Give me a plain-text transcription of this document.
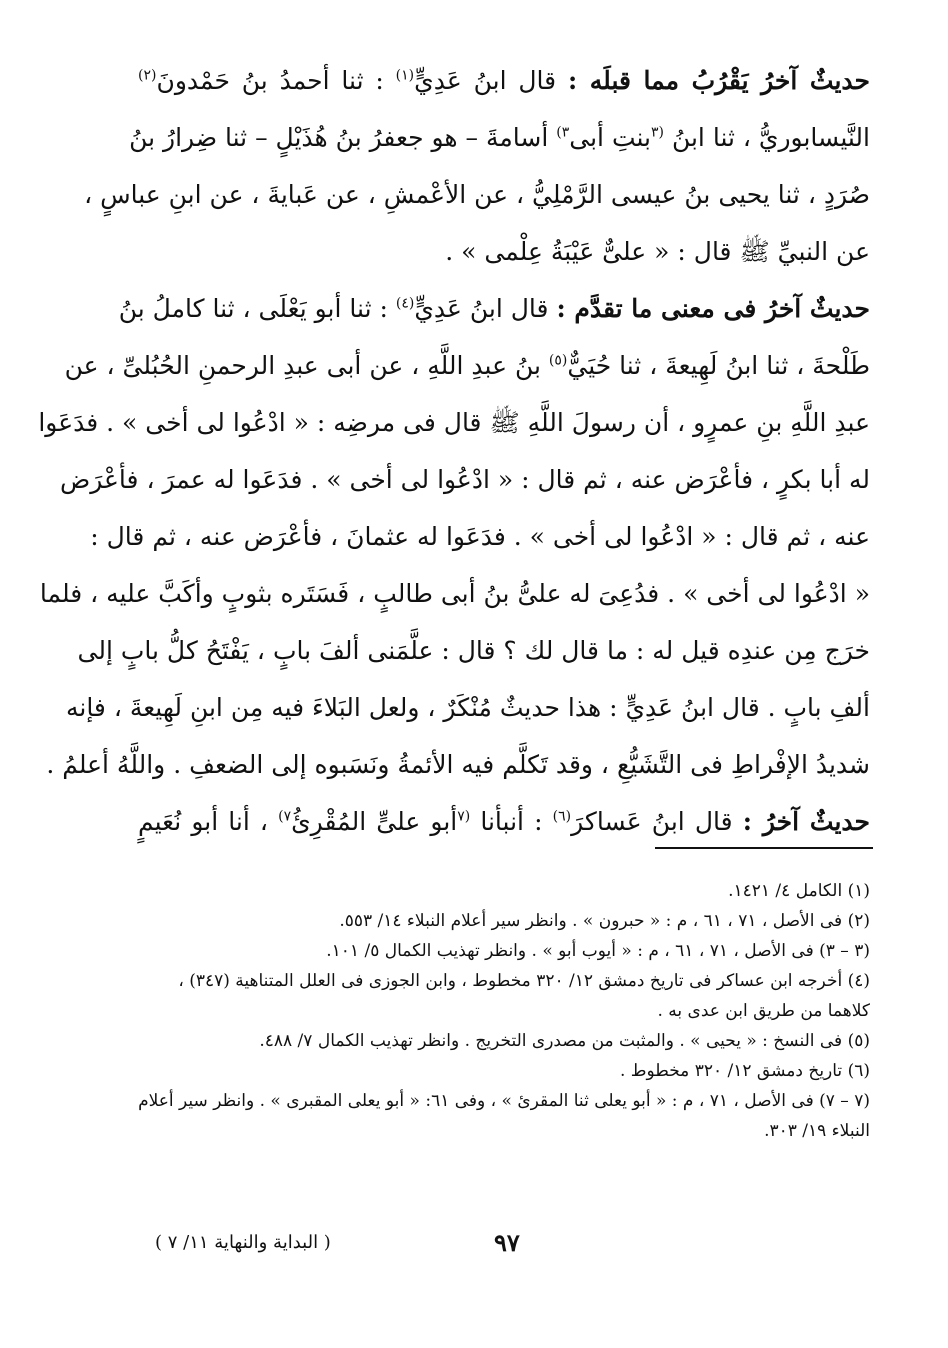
حديثٌ آخرُ يَقْرُبُ مما قبلَه : قال ابنُ عَدِيٍّ$^{(١)}$ : ثنا أحمدُ بنُ حَمْدونَ$^{(٢)}$
النَّيسابوريُّ ، ثنا ابنُ $^{(٣}$بنتِ أبى$^{٣)}$ أسامةَ – هو جعفرُ بنُ هُذَيْلٍ – ثنا ضِرارُ بنُ
صُرَدٍ ، ثنا يحيى بنُ عيسى الرَّمْلِيُّ ، عن الأعْمشِ ، عن عَبايةَ ، عن ابنِ عباسٍ ،
عن النبيِّ ﷺ قال : « علىٌّ عَيْبَةُ عِلْمى » .
حديثٌ آخرُ فى معنى ما تقدَّم : قال ابنُ عَدِيٍّ$^{(٤)}$ : ثنا أبو يَعْلَى ، ثنا كاملُ بنُ
طَلْحةَ ، ثنا ابنُ لَهِيعةَ ، ثنا حُيَيٌّ$^{(٥)}$ بنُ عبدِ اللَّهِ ، عن أبى عبدِ الرحمنِ الحُبُلىِّ ، عن
عبدِ اللَّهِ بنِ عمرٍو ، أن رسولَ اللَّهِ ﷺ قال فى مرضِه : « ادْعُوا لى أخى » . فدَعَوا
له أبا بكرٍ ، فأعْرَض عنه ، ثم قال : « ادْعُوا لى أخى » . فدَعَوا له عمرَ ، فأعْرَض
عنه ، ثم قال : « ادْعُوا لى أخى » . فدَعَوا له عثمانَ ، فأعْرَض عنه ، ثم قال :
« ادْعُوا لى أخى » . فدُعِىَ له علىُّ بنُ أبى طالبٍ ، فَسَتَره بثوبٍ وأكَبَّ عليه ، فلما
خرَج مِن عندِه قيل له : ما قال لك ؟ قال : علَّمَنى ألفَ بابٍ ، يَفْتَحُ كلُّ بابٍ إلى
ألفِ بابٍ . قال ابنُ عَدِيٍّ : هذا حديثٌ مُنْكَرٌ ، ولعل البَلاءَ فيه مِن ابنِ لَهِيعةَ ، فإنه
شديدُ الإفْراطِ فى التَّشَيُّعِ ، وقد تَكلَّم فيه الأئمةُ ونَسَبوه إلى الضعفِ . واللَّهُ أعلمُ .
حديثٌ آخرُ : قال ابنُ عَساكرَ$^{(٦)}$ : أنبأنا $^{(٧}$أبو علىٍّ المُقْرِئُ$^{٧)}$ ، أنا أبو نُعَيمٍ
(١) الكامل ٤/ ١٤٢١.
(٢) فى الأصل ، ٧١ ، ٦١ ، م : « حبرون » . وانظر سير أعلام النبلاء ١٤/ ٥٥٣.
(٣ – ٣) فى الأصل ، ٧١ ، ٦١ ، م : « أيوب أبو » . وانظر تهذيب الكمال ٥/ ١٠١.
(٤) أخرجه ابن عساكر فى تاريخ دمشق ١٢/ ٣٢٠ مخطوط ، وابن الجوزى فى العلل المتناهية (٣٤٧) ،
كلاهما من طريق ابن عدى به .
(٥) فى النسخ : « يحيى » . والمثبت من مصدرى التخريج . وانظر تهذيب الكمال ٧/ ٤٨٨.
(٦) تاريخ دمشق ١٢/ ٣٢٠ مخطوط .
(٧ – ٧) فى الأصل ، ٧١ ، م : « أبو يعلى ثنا المقرئ » ، وفى ٦١: « أبو يعلى المقبرى » . وانظر سير أعلام
النبلاء ١٩/ ٣٠٣.
٩٧
( البداية والنهاية ١١/ ٧ )
